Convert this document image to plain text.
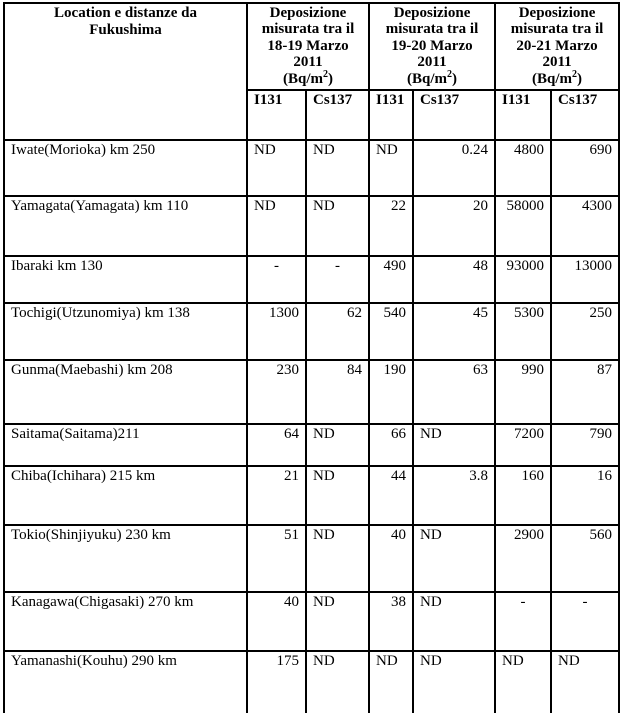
Location e distanze da
Fukushima

Deposizione
misurata tra il
18-19 Marzo
2011
$(Bq/m^2)$

Deposizione
misurata tra il
19-20 Marzo
2011
$(Bq/m^2)$

Deposizione
misurata tra il
20-21 Marzo
2011
$(Bq/m^2)$

	I131	Cs137	I131	Cs137	I131	Cs137
Iwate(Morioka) km 250	ND	ND	ND	0.24	4800	690
Yamagata(Yamagata) km 110	ND	ND	22	20	58000	4300
Ibaraki km 130	-	-	490	48	93000	13000
Tochigi(Utzunomiya) km 138	1300	62	540	45	5300	250
Gunma(Maebashi) km 208	230	84	190	63	990	87
Saitama(Saitama)211	64	ND	66	ND	7200	790
Chiba(Ichihara) 215 km	21	ND	44	3.8	160	16
Tokio(Shinjiyuku) 230 km	51	ND	40	ND	2900	560
Kanagawa(Chigasaki) 270 km	40	ND	38	ND	-	-
Yamanashi(Kouhu) 290 km	175	ND	ND	ND	ND	ND
